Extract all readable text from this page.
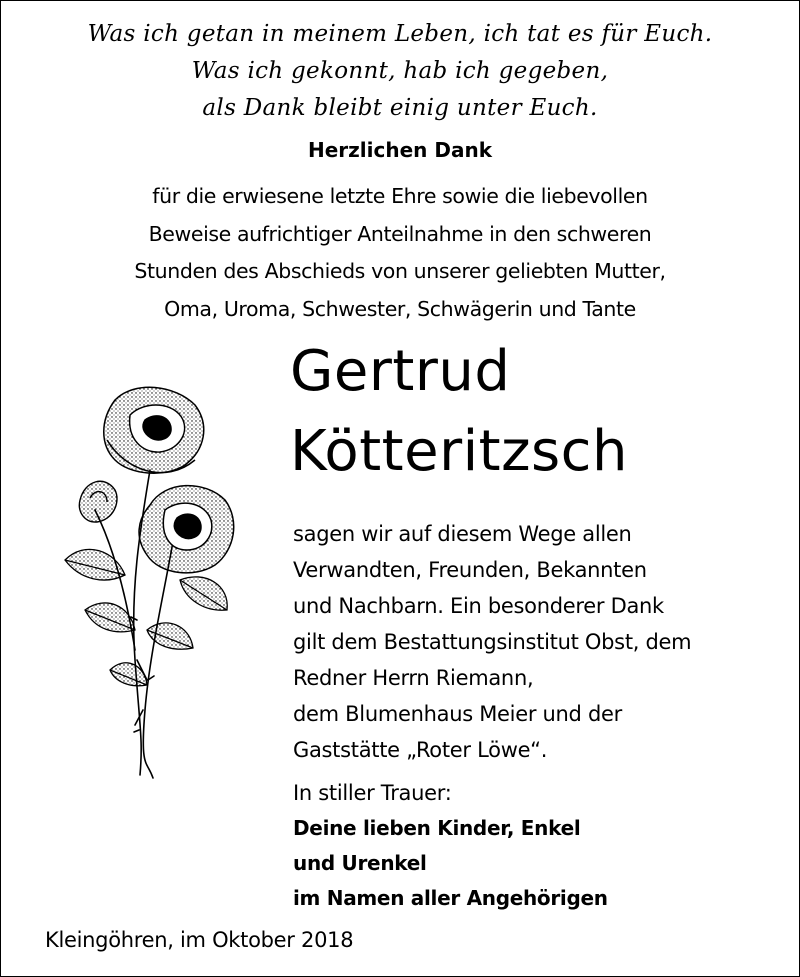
Was ich getan in meinem Leben, ich tat es für Euch.
Was ich gekonnt, hab ich gegeben,
als Dank bleibt einig unter Euch.
Herzlichen Dank
für die erwiesene letzte Ehre sowie die liebevollen
Beweise aufrichtiger Anteilnahme in den schweren
Stunden des Abschieds von unserer geliebten Mutter,
Oma, Uroma, Schwester, Schwägerin und Tante
Gertrud
Kötteritzsch
sagen wir auf diesem Wege allen
Verwandten, Freunden, Bekannten
und Nachbarn. Ein besonderer Dank
gilt dem Bestattungsinstitut Obst, dem
Redner Herrn Riemann,
dem Blumenhaus Meier und der
Gaststätte „Roter Löwe“.
In stiller Trauer:
Deine lieben Kinder, Enkel
und Urenkel
im Namen aller Angehörigen
Kleingöhren, im Oktober 2018
